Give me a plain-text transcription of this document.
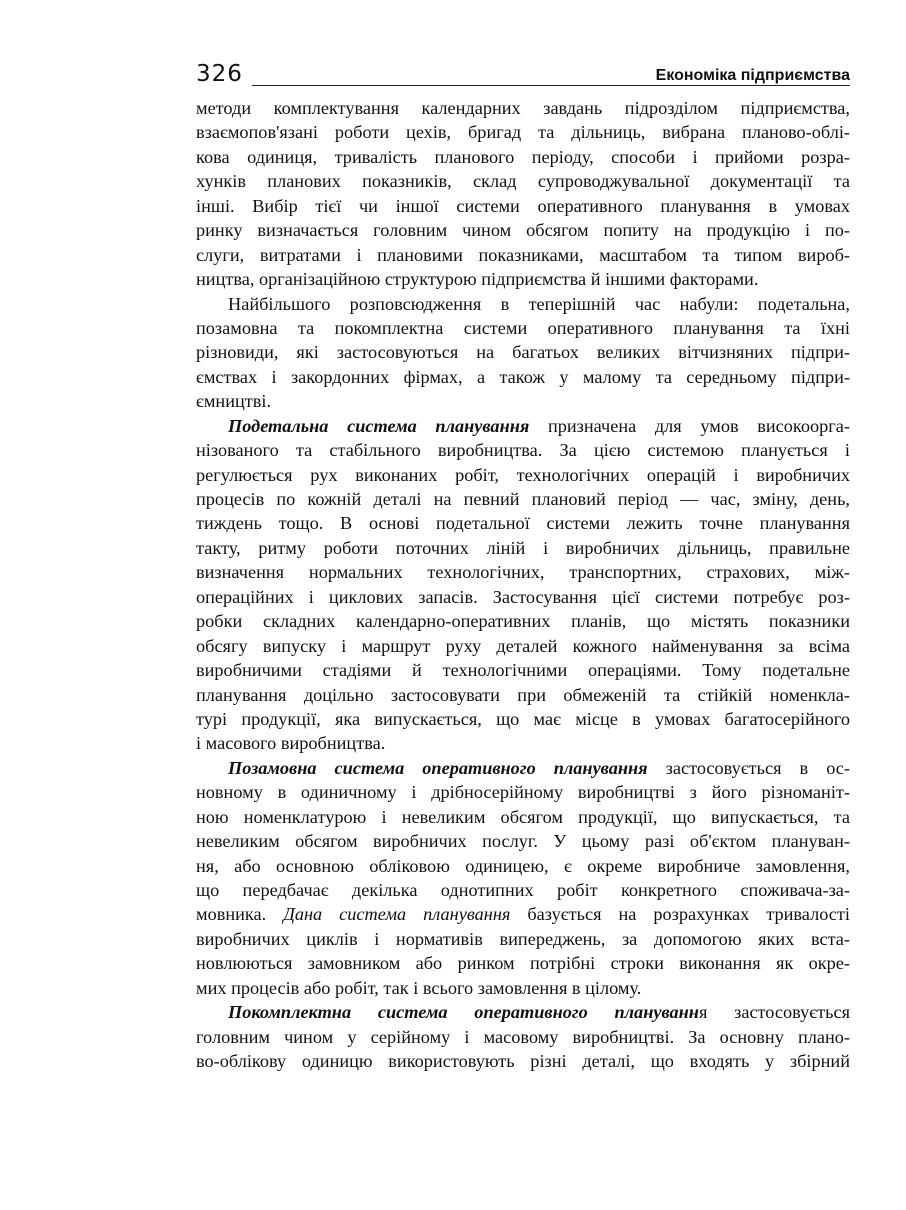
326	Економіка підприємства
методи комплектування календарних завдань підрозділом підприємства,
взаємопов'язані роботи цехів, бригад та дільниць, вибрана планово-облі-
кова одиниця, тривалість планового періоду, способи і прийоми розра-
хунків планових показників, склад супроводжувальної документації та
інші. Вибір тієї чи іншої системи оперативного планування в умовах
ринку визначається головним чином обсягом попиту на продукцію і по-
слуги, витратами і плановими показниками, масштабом та типом вироб-
ництва, організаційною структурою підприємства й іншими факторами.
Найбільшого розповсюдження в теперішній час набули: подетальна,
позамовна та покомплектна системи оперативного планування та їхні
різновиди, які застосовуються на багатьох великих вітчизняних підпри-
ємствах і закордонних фірмах, а також у малому та середньому підпри-
ємництві.
Подетальна система планування призначена для умов високоорга-
нізованого та стабільного виробництва. За цією системою планується і
регулюється рух виконаних робіт, технологічних операцій і виробничих
процесів по кожній деталі на певний плановий період — час, зміну, день,
тиждень тощо. В основі подетальної системи лежить точне планування
такту, ритму роботи поточних ліній і виробничих дільниць, правильне
визначення нормальних технологічних, транспортних, страхових, між-
операційних і циклових запасів. Застосування цієї системи потребує роз-
робки складних календарно-оперативних планів, що містять показники
обсягу випуску і маршрут руху деталей кожного найменування за всіма
виробничими стадіями й технологічними операціями. Тому подетальне
планування доцільно застосовувати при обмеженій та стійкій номенкла-
турі продукції, яка випускається, що має місце в умовах багатосерійного
і масового виробництва.
Позамовна система оперативного планування застосовується в ос-
новному в одиничному і дрібносерійному виробництві з його різноманіт-
ною номенклатурою і невеликим обсягом продукції, що випускається, та
невеликим обсягом виробничих послуг. У цьому разі об'єктом плануван-
ня, або основною обліковою одиницею, є окреме виробниче замовлення,
що передбачає декілька однотипних робіт конкретного споживача-за-
мовника. Дана система планування базується на розрахунках тривалості
виробничих циклів і нормативів випереджень, за допомогою яких вста-
новлюються замовником або ринком потрібні строки виконання як окре-
мих процесів або робіт, так і всього замовлення в цілому.
Покомплектна система оперативного планування застосовується
головним чином у серійному і масовому виробництві. За основну плано-
во-облікову одиницю використовують різні деталі, що входять у збірний
